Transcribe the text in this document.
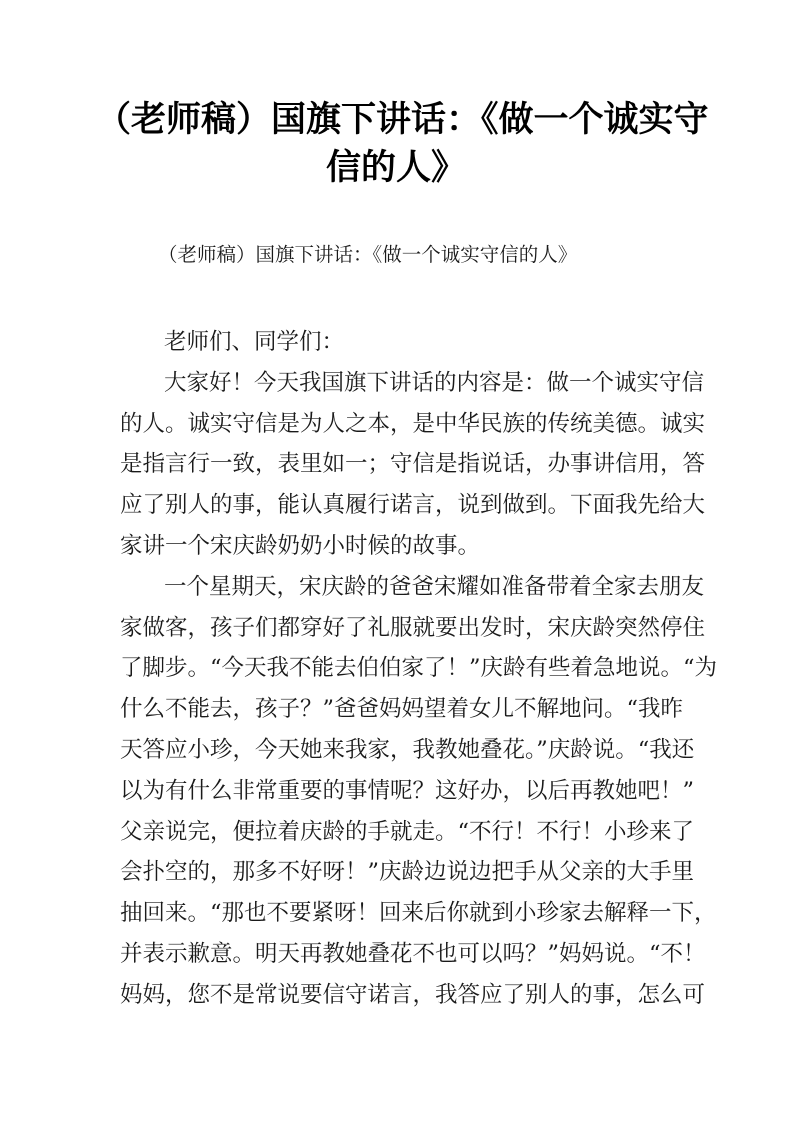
（老师稿）国旗下讲话：《做一个诚实守
信的人》
（老师稿）国旗下讲话：《做一个诚实守信的人》
老师们、同学们：
大家好！今天我国旗下讲话的内容是：做一个诚实守信
的人。诚实守信是为人之本，是中华民族的传统美德。诚实
是指言行一致，表里如一；守信是指说话，办事讲信用，答
应了别人的事，能认真履行诺言，说到做到。下面我先给大
家讲一个宋庆龄奶奶小时候的故事。
一个星期天，宋庆龄的爸爸宋耀如准备带着全家去朋友
家做客，孩子们都穿好了礼服就要出发时，宋庆龄突然停住
了脚步。“今天我不能去伯伯家了！”庆龄有些着急地说。“为
什么不能去，孩子？”爸爸妈妈望着女儿不解地问。“我昨
天答应小珍，今天她来我家，我教她叠花。”庆龄说。“我还
以为有什么非常重要的事情呢？这好办，以后再教她吧！”
父亲说完，便拉着庆龄的手就走。“不行！不行！小珍来了
会扑空的，那多不好呀！”庆龄边说边把手从父亲的大手里
抽回来。“那也不要紧呀！回来后你就到小珍家去解释一下，
并表示歉意。明天再教她叠花不也可以吗？”妈妈说。“不！
妈妈，您不是常说要信守诺言，我答应了别人的事，怎么可
